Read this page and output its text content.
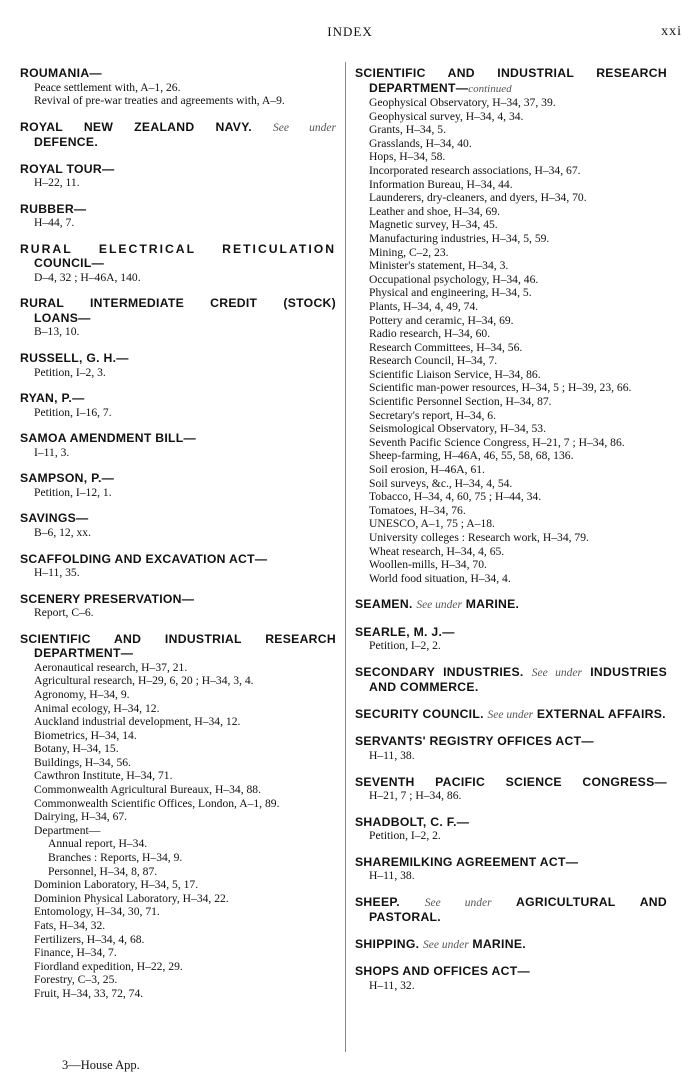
INDEX	xxi
ROUMANIA—
Peace settlement with, A–1, 26.
Revival of pre-war treaties and agreements with, A–9.
ROYAL NEW ZEALAND NAVY. See under
DEFENCE.
ROYAL TOUR—
H–22, 11.
RUBBER—
H–44, 7.
RURAL ELECTRICAL RETICULATION
COUNCIL—
D–4, 32 ; H–46A, 140.
RURAL INTERMEDIATE CREDIT (STOCK)
LOANS—
B–13, 10.
RUSSELL, G. H.—
Petition, I–2, 3.
RYAN, P.—
Petition, I–16, 7.
SAMOA AMENDMENT BILL—
I–11, 3.
SAMPSON, P.—
Petition, I–12, 1.
SAVINGS—
B–6, 12, xx.
SCAFFOLDING AND EXCAVATION ACT—
H–11, 35.
SCENERY PRESERVATION—
Report, C–6.
SCIENTIFIC AND INDUSTRIAL RESEARCH
DEPARTMENT—
Aeronautical research, H–37, 21.
Agricultural research, H–29, 6, 20 ; H–34, 3, 4.
Agronomy, H–34, 9.
Animal ecology, H–34, 12.
Auckland industrial development, H–34, 12.
Biometrics, H–34, 14.
Botany, H–34, 15.
Buildings, H–34, 56.
Cawthron Institute, H–34, 71.
Commonwealth Agricultural Bureaux, H–34, 88.
Commonwealth Scientific Offices, London, A–1, 89.
Dairying, H–34, 67.
Department—
Annual report, H–34.
Branches : Reports, H–34, 9.
Personnel, H–34, 8, 87.
Dominion Laboratory, H–34, 5, 17.
Dominion Physical Laboratory, H–34, 22.
Entomology, H–34, 30, 71.
Fats, H–34, 32.
Fertilizers, H–34, 4, 68.
Finance, H–34, 7.
Fiordland expedition, H–22, 29.
Forestry, C–3, 25.
Fruit, H–34, 33, 72, 74.
SCIENTIFIC AND INDUSTRIAL RESEARCH
DEPARTMENT—continued
Geophysical Observatory, H–34, 37, 39.
Geophysical survey, H–34, 4, 34.
Grants, H–34, 5.
Grasslands, H–34, 40.
Hops, H–34, 58.
Incorporated research associations, H–34, 67.
Information Bureau, H–34, 44.
Launderers, dry-cleaners, and dyers, H–34, 70.
Leather and shoe, H–34, 69.
Magnetic survey, H–34, 45.
Manufacturing industries, H–34, 5, 59.
Mining, C–2, 23.
Minister's statement, H–34, 3.
Occupational psychology, H–34, 46.
Physical and engineering, H–34, 5.
Plants, H–34, 4, 49, 74.
Pottery and ceramic, H–34, 69.
Radio research, H–34, 60.
Research Committees, H–34, 56.
Research Council, H–34, 7.
Scientific Liaison Service, H–34, 86.
Scientific man-power resources, H–34, 5 ; H–39, 23, 66.
Scientific Personnel Section, H–34, 87.
Secretary's report, H–34, 6.
Seismological Observatory, H–34, 53.
Seventh Pacific Science Congress, H–21, 7 ; H–34, 86.
Sheep-farming, H–46A, 46, 55, 58, 68, 136.
Soil erosion, H–46A, 61.
Soil surveys, &c., H–34, 4, 54.
Tobacco, H–34, 4, 60, 75 ; H–44, 34.
Tomatoes, H–34, 76.
UNESCO, A–1, 75 ; A–18.
University colleges : Research work, H–34, 79.
Wheat research, H–34, 4, 65.
Woollen-mills, H–34, 70.
World food situation, H–34, 4.
SEAMEN. See under MARINE.
SEARLE, M. J.—
Petition, I–2, 2.
SECONDARY INDUSTRIES. See under INDUSTRIES AND COMMERCE.
SECURITY COUNCIL. See under EXTERNAL AFFAIRS.
SERVANTS' REGISTRY OFFICES ACT—
H–11, 38.
SEVENTH PACIFIC SCIENCE CONGRESS—
H–21, 7 ; H–34, 86.
SHADBOLT, C. F.—
Petition, I–2, 2.
SHAREMILKING AGREEMENT ACT—
H–11, 38.
SHEEP. See under AGRICULTURAL AND PASTORAL.
SHIPPING. See under MARINE.
SHOPS AND OFFICES ACT—
H–11, 32.
3—House App.
